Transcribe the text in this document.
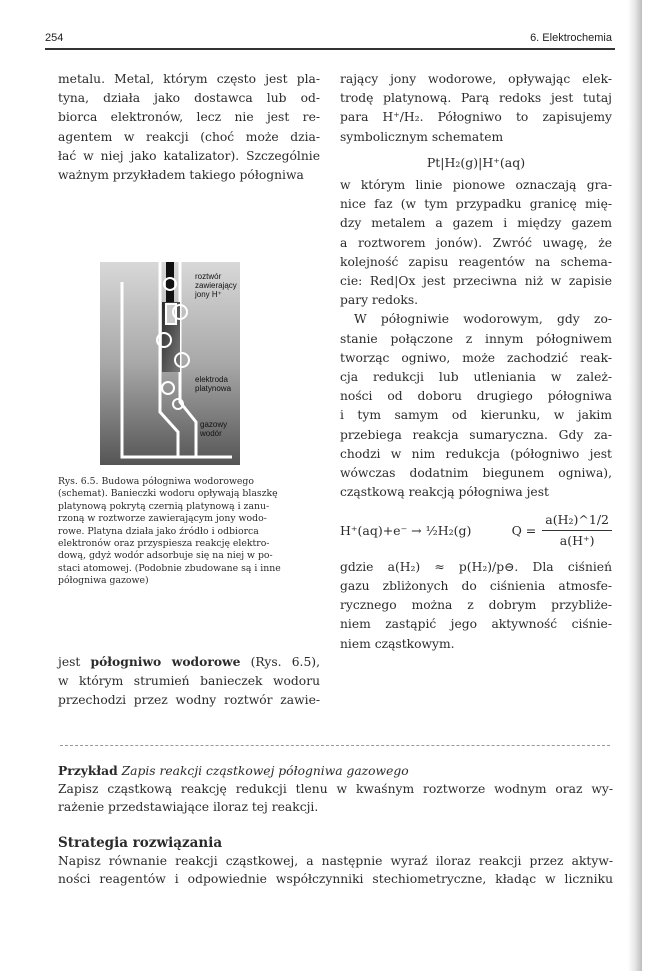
254	6. Elektrochemia
metalu. Metal, którym często jest pla-
tyna, działa jako dostawca lub od-
biorca elektronów, lecz nie jest re-
agentem w reakcji (choć może dzia-
łać w niej jako katalizator). Szczególnie
ważnym przykładem takiego półogniwa
roztwór zawierający jony H⁺
elektroda platynowa
gazowy wodór
Rys. 6.5. Budowa półogniwa wodorowego
(schemat). Banieczki wodoru opływają blaszkę
platynową pokrytą czernią platynową i zanu-
rzoną w roztworze zawierającym jony wodo-
rowe. Platyna działa jako źródło i odbiorca
elektronów oraz przyspiesza reakcję elektro-
dową, gdyż wodór adsorbuje się na niej w po-
staci atomowej. (Podobnie zbudowane są i inne
półogniwa gazowe)
jest półogniwo wodorowe (Rys. 6.5),
w którym strumień banieczek wodoru
przechodzi przez wodny roztwór zawie-
rający jony wodorowe, opływając elek-
trodę platynową. Parą redoks jest tutaj
para H⁺/H₂. Półogniwo to zapisujemy
symbolicznym schematem
Pt|H₂(g)|H⁺(aq)
w którym linie pionowe oznaczają gra-
nice faz (w tym przypadku granicę mię-
dzy metalem a gazem i między gazem
a roztworem jonów). Zwróć uwagę, że
kolejność zapisu reagentów na schema-
cie: Red|Ox jest przeciwna niż w zapisie
pary redoks.
W półogniwie wodorowym, gdy zo-
stanie połączone z innym półogniwem
tworząc ogniwo, może zachodzić reak-
cja redukcji lub utleniania w zależ-
ności od doboru drugiego półogniwa
i tym samym od kierunku, w jakim
przebiega reakcja sumaryczna. Gdy za-
chodzi w nim redukcja (półogniwo jest
wówczas dodatnim biegunem ogniwa),
cząstkową reakcją półogniwa jest
H⁺(aq)+e⁻ → ½H₂(g)	$Q = \frac{\text{a(H₂)\textasciicircum{}1/2}}{a(H^+)}$
gdzie a(H₂) ≈ p(H₂)/p⊖. Dla ciśnień
gazu zbliżonych do ciśnienia atmosfe-
rycznego można z dobrym przybliże-
niem zastąpić jego aktywność ciśnie-
niem cząstkowym.
Przykład Zapis reakcji cząstkowej półogniwa gazowego
Zapisz cząstkową reakcję redukcji tlenu w kwaśnym roztworze wodnym oraz wy-
rażenie przedstawiające iloraz tej reakcji.
Strategia rozwiązania
Napisz równanie reakcji cząstkowej, a następnie wyraź iloraz reakcji przez aktyw-
ności reagentów i odpowiednie współczynniki stechiometryczne, kładąc w liczniku
